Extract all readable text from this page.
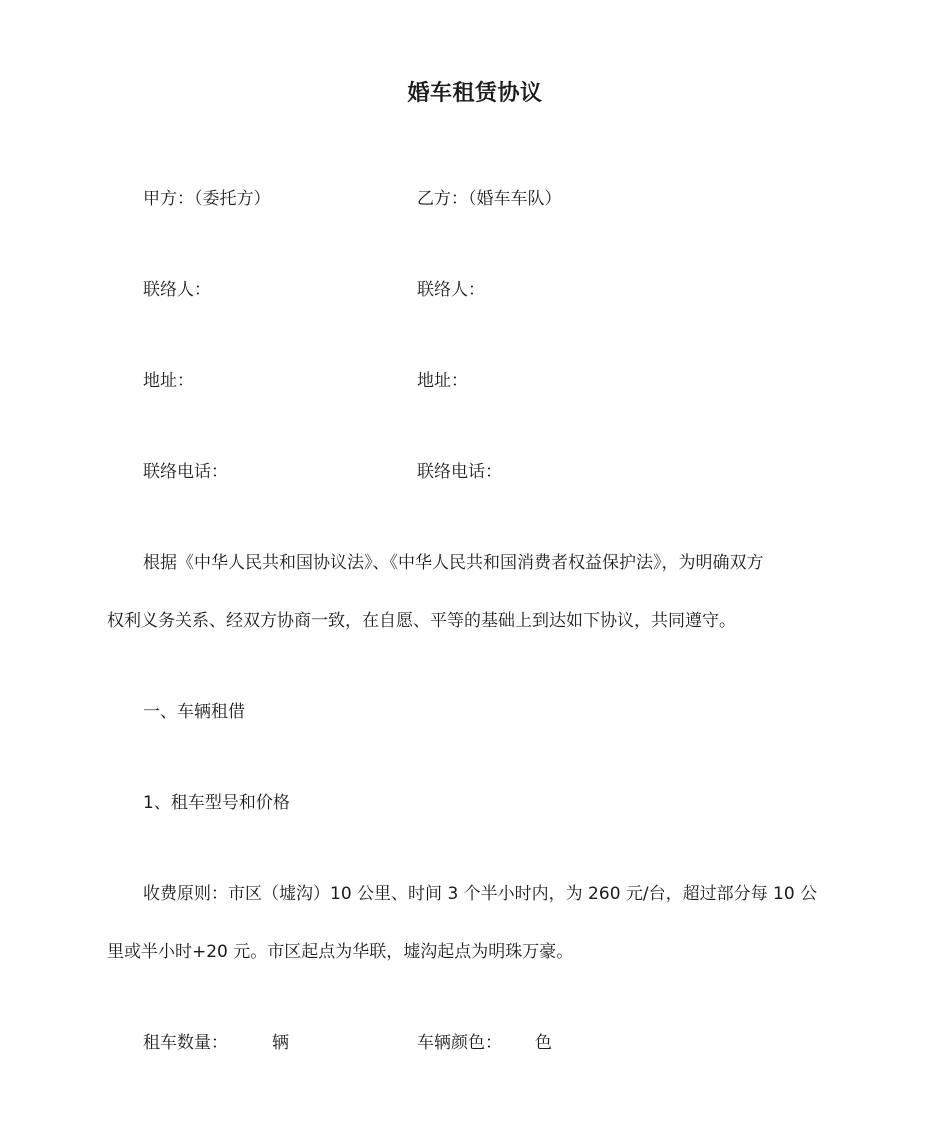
婚车租赁协议
甲方：（委托方）	乙方：（婚车车队）
联络人：	联络人：
地址：	地址：
联络电话：	联络电话：
根据《中华人民共和国协议法》、《中华人民共和国消费者权益保护法》，为明确双方
权利义务关系、经双方协商一致，在自愿、平等的基础上到达如下协议，共同遵守。
一、车辆租借
1、租车型号和价格
收费原则：市区（墟沟）10 公里、时间 3 个半小时内，为 260 元/台，超过部分每 10 公
里或半小时+20 元。市区起点为华联，墟沟起点为明珠万豪。
租车数量：	辆	车辆颜色： 色
